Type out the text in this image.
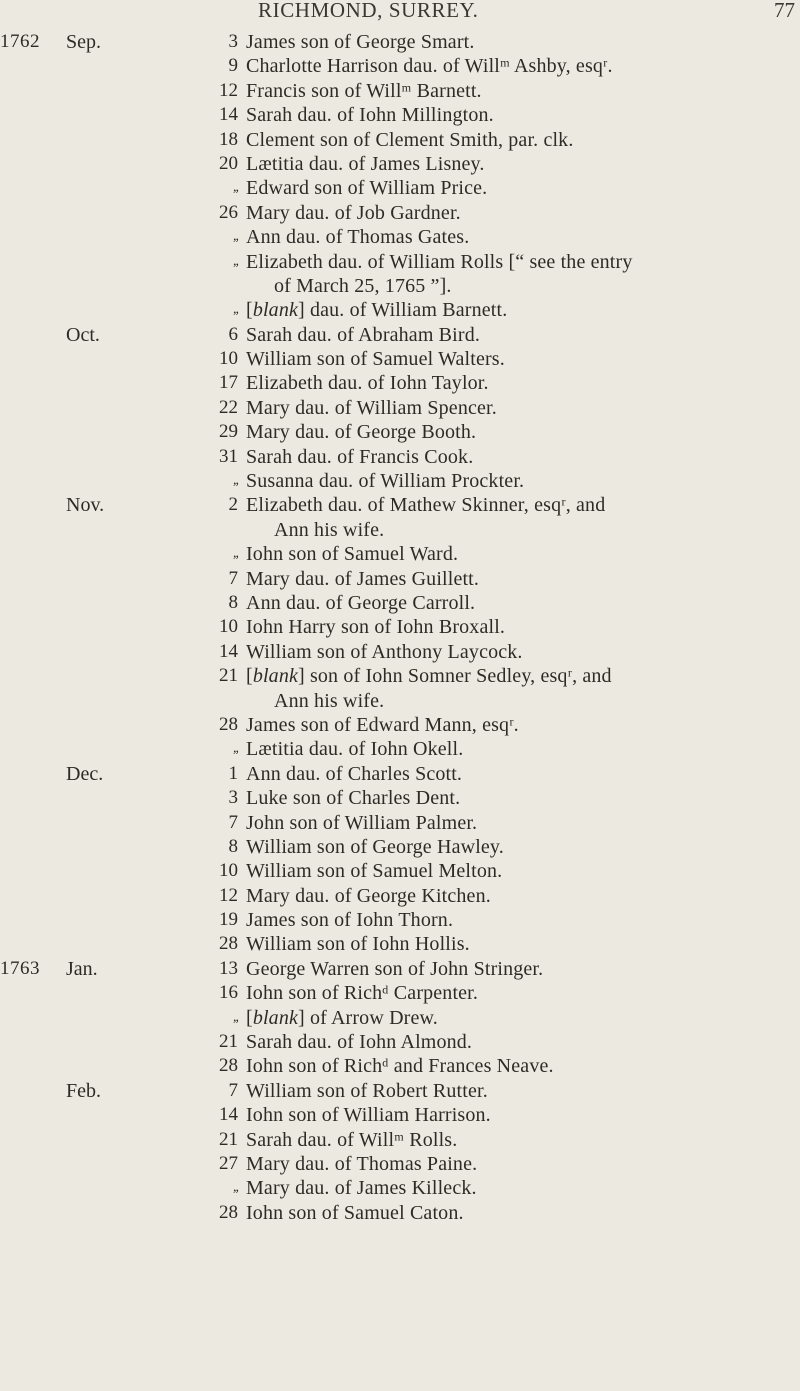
RICHMOND, SURREY.	77
1762	Sep.	3 James son of George Smart.
9 Charlotte Harrison dau. of Willᵐ Ashby, esqʳ.
12 Francis son of Willᵐ Barnett.
14 Sarah dau. of Iohn Millington.
18 Clement son of Clement Smith, par. clk.
20 Lætitia dau. of James Lisney.
,, Edward son of William Price.
26 Mary dau. of Job Gardner.
,, Ann dau. of Thomas Gates.
,, Elizabeth dau. of William Rolls [“ see the entry
of March 25, 1765 ”].
,, [blank] dau. of William Barnett.
Oct.	6 Sarah dau. of Abraham Bird.
10 William son of Samuel Walters.
17 Elizabeth dau. of Iohn Taylor.
22 Mary dau. of William Spencer.
29 Mary dau. of George Booth.
31 Sarah dau. of Francis Cook.
,, Susanna dau. of William Prockter.
Nov.	2 Elizabeth dau. of Mathew Skinner, esqʳ, and
Ann his wife.
,, Iohn son of Samuel Ward.
7 Mary dau. of James Guillett.
8 Ann dau. of George Carroll.
10 Iohn Harry son of Iohn Broxall.
14 William son of Anthony Laycock.
21 [blank] son of Iohn Somner Sedley, esqʳ, and
Ann his wife.
28 James son of Edward Mann, esqʳ.
,, Lætitia dau. of Iohn Okell.
Dec.	1 Ann dau. of Charles Scott.
3 Luke son of Charles Dent.
7 John son of William Palmer.
8 William son of George Hawley.
10 William son of Samuel Melton.
12 Mary dau. of George Kitchen.
19 James son of Iohn Thorn.
28 William son of Iohn Hollis.
1763	Jan.	13 George Warren son of John Stringer.
16 Iohn son of Richᵈ Carpenter.
,, [blank] of Arrow Drew.
21 Sarah dau. of Iohn Almond.
28 Iohn son of Richᵈ and Frances Neave.
Feb.	7 William son of Robert Rutter.
14 Iohn son of William Harrison.
21 Sarah dau. of Willᵐ Rolls.
27 Mary dau. of Thomas Paine.
,, Mary dau. of James Killeck.
28 Iohn son of Samuel Caton.
